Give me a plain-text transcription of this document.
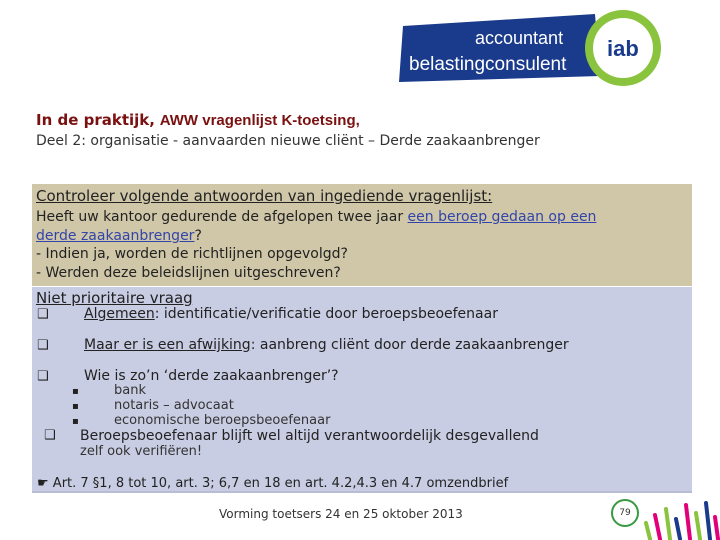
accountant
belastingconsulent
iab
In de praktijk, AWW vragenlijst K-toetsing,
Deel 2: organisatie - aanvaarden nieuwe cliënt – Derde zaakaanbrenger
Controleer volgende antwoorden van ingediende vragenlijst:
Heeft uw kantoor gedurende de afgelopen twee jaar een beroep gedaan op een
derde zaakaanbrenger?
- Indien ja, worden de richtlijnen opgevolgd?
- Werden deze beleidslijnen uitgeschreven?
Niet prioritaire vraag
❑	Algemeen: identificatie/verificatie door beroepsbeoefenaar
❑	Maar er is een afwijking: aanbreng cliënt door derde zaakaanbrenger
❑	Wie is zo’n ‘derde zaakaanbrenger’?
▪	bank
▪	notaris – advocaat
▪	economische beroepsbeoefenaar
❑ Beroepsbeoefenaar blijft wel altijd verantwoordelijk desgevallend
zelf ook verifiëren!
☛ Art. 7 §1, 8 tot 10, art. 3; 6,7 en 18 en art. 4.2,4.3 en 4.7 omzendbrief
Vorming toetsers 24 en 25 oktober 2013	79
